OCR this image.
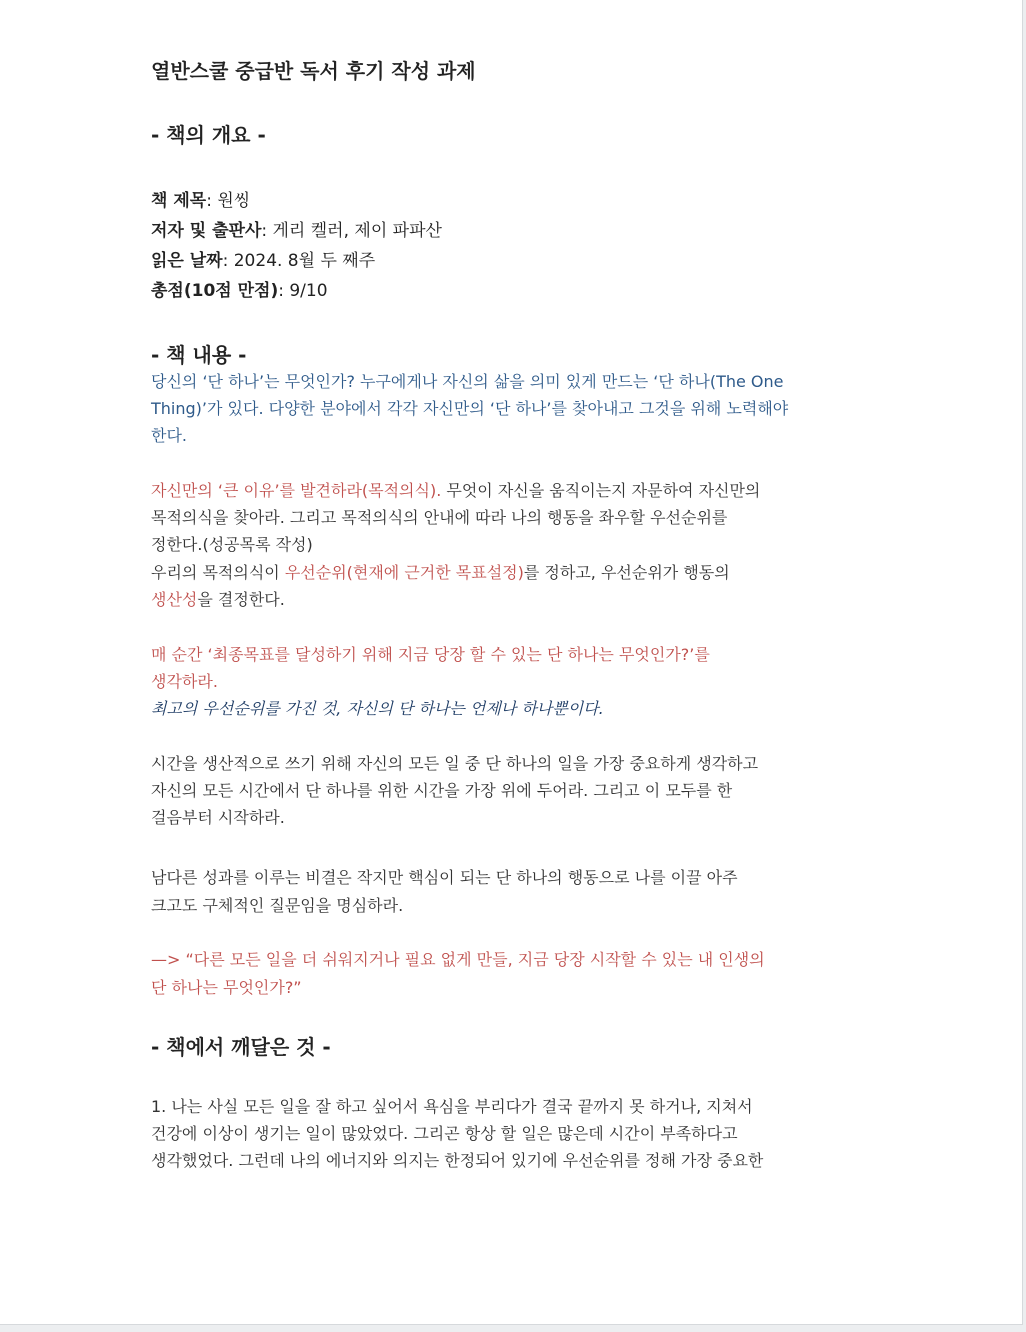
열반스쿨 중급반 독서 후기 작성 과제
- 책의 개요 -
책 제목: 원씽
저자 및 출판사: 게리 켈러, 제이 파파산
읽은 날짜: 2024. 8월 두 째주
총점(10점 만점): 9/10
- 책 내용 -
당신의 ‘단 하나’는 무엇인가? 누구에게나 자신의 삶을 의미 있게 만드는 ‘단 하나(The One
Thing)’가 있다. 다양한 분야에서 각각 자신만의 ‘단 하나’를 찾아내고 그것을 위해 노력해야
한다.
자신만의 ‘큰 이유’를 발견하라(목적의식). 무엇이 자신을 움직이는지 자문하여 자신만의
목적의식을 찾아라. 그리고 목적의식의 안내에 따라 나의 행동을 좌우할 우선순위를
정한다.(성공목록 작성)
우리의 목적의식이 우선순위(현재에 근거한 목표설정)를 정하고, 우선순위가 행동의
생산성을 결정한다.
매 순간 ‘최종목표를 달성하기 위해 지금 당장 할 수 있는 단 하나는 무엇인가?’를
생각하라.
최고의 우선순위를 가진 것, 자신의 단 하나는 언제나 하나뿐이다.
시간을 생산적으로 쓰기 위해 자신의 모든 일 중 단 하나의 일을 가장 중요하게 생각하고
자신의 모든 시간에서 단 하나를 위한 시간을 가장 위에 두어라. 그리고 이 모두를 한
걸음부터 시작하라.
남다른 성과를 이루는 비결은 작지만 핵심이 되는 단 하나의 행동으로 나를 이끌 아주
크고도 구체적인 질문임을 명심하라.
—> “다른 모든 일을 더 쉬워지거나 필요 없게 만들, 지금 당장 시작할 수 있는 내 인생의
단 하나는 무엇인가?”
- 책에서 깨달은 것 -
1. 나는 사실 모든 일을 잘 하고 싶어서 욕심을 부리다가 결국 끝까지 못 하거나, 지쳐서
건강에 이상이 생기는 일이 많았었다. 그리곤 항상 할 일은 많은데 시간이 부족하다고
생각했었다. 그런데 나의 에너지와 의지는 한정되어 있기에 우선순위를 정해 가장 중요한
